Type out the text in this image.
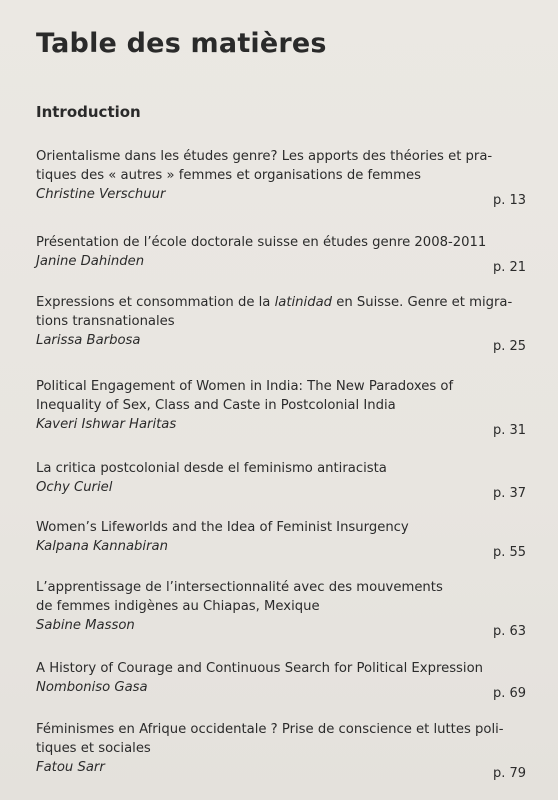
Table des matières
Introduction
Orientalisme dans les études genre? Les apports des théories et pra-
tiques des « autres » femmes et organisations de femmes
Christine Verschuur	p. 13
Présentation de l’école doctorale suisse en études genre 2008-2011
Janine Dahinden	p. 21
Expressions et consommation de la latinidad en Suisse. Genre et migra-
tions transnationales
Larissa Barbosa	p. 25
Political Engagement of Women in India: The New Paradoxes of
Inequality of Sex, Class and Caste in Postcolonial India
Kaveri Ishwar Haritas	p. 31
La critica postcolonial desde el feminismo antiracista
Ochy Curiel	p. 37
Women’s Lifeworlds and the Idea of Feminist Insurgency
Kalpana Kannabiran	p. 55
L’apprentissage de l’intersectionnalité avec des mouvements
de femmes indigènes au Chiapas, Mexique
Sabine Masson	p. 63
A History of Courage and Continuous Search for Political Expression
Nomboniso Gasa	p. 69
Féminismes en Afrique occidentale ? Prise de conscience et luttes poli-
tiques et sociales
Fatou Sarr	p. 79
